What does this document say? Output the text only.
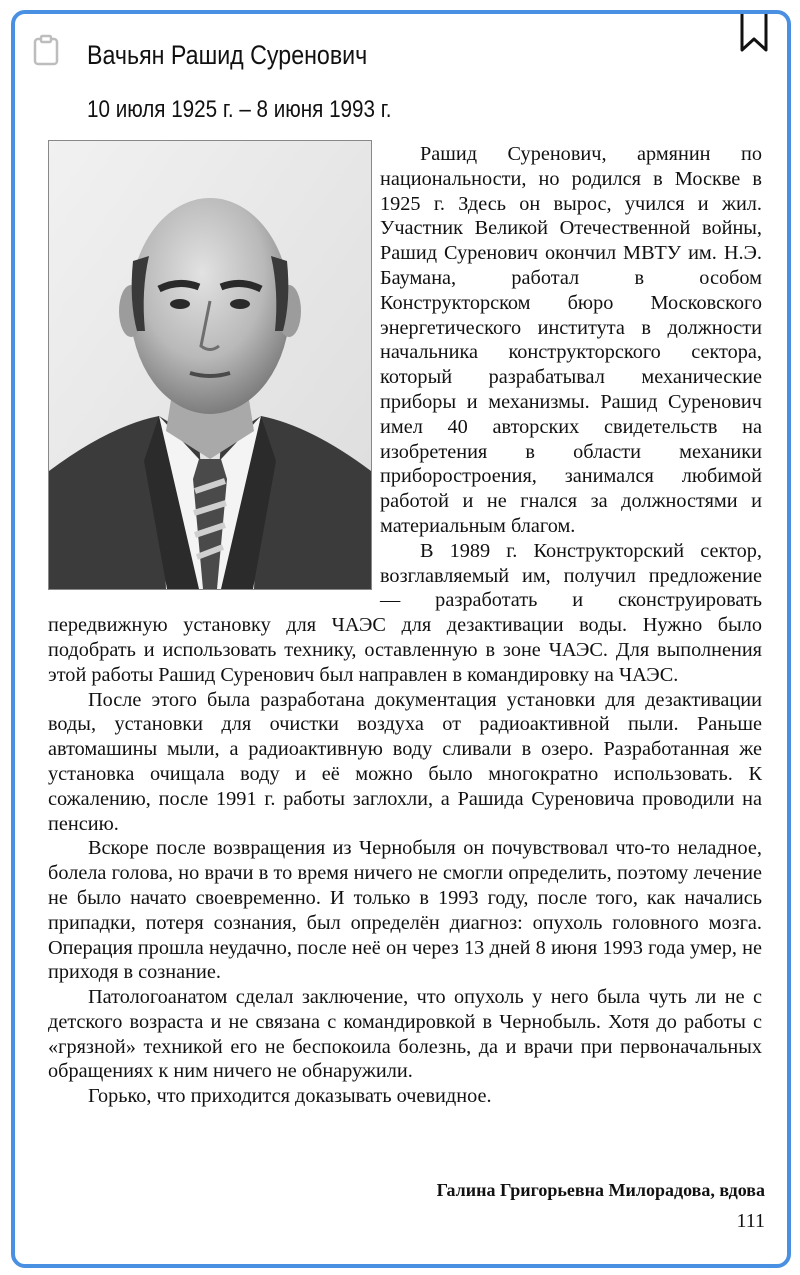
Вачьян Рашид Суренович
10 июля 1925 г. – 8 июня 1993 г.

Рашид Суренович, армянин по национальности, но родился в Москве в 1925 г. Здесь он вырос, учился и жил. Участник Великой Отечественной войны, Рашид Суренович окончил МВТУ им. Н.Э. Баумана, работал в особом Конструкторском бюро Московского энергетического института в должности начальника конструкторского сектора, который разрабатывал механические приборы и механизмы. Рашид Суренович имел 40 авторских свидетельств на изобретения в области механики приборостроения, занимался любимой работой и не гнался за должностями и материальным благом.

В 1989 г. Конструкторский сектор, возглавляемый им, получил предложение — разработать и сконструировать передвижную установку для ЧАЭС для дезактивации воды. Нужно было подобрать и использовать технику, оставленную в зоне ЧАЭС. Для выполнения этой работы Рашид Суренович был направлен в командировку на ЧАЭС.

После этого была разработана документация установки для дезактивации воды, установки для очистки воздуха от радиоактивной пыли. Раньше автомашины мыли, а радиоактивную воду сливали в озеро. Разработанная же установка очищала воду и её можно было многократно использовать. К сожалению, после 1991 г. работы заглохли, а Рашида Суреновича проводили на пенсию.

Вскоре после возвращения из Чернобыля он почувствовал что-то неладное, болела голова, но врачи в то время ничего не смогли определить, поэтому лечение не было начато своевременно. И только в 1993 году, после того, как начались припадки, потеря сознания, был определён диагноз: опухоль головного мозга. Операция прошла неудачно, после неё он через 13 дней 8 июня 1993 года умер, не приходя в сознание.

Патологоанатом сделал заключение, что опухоль у него была чуть ли не с детского возраста и не связана с командировкой в Чернобыль. Хотя до работы с «грязной» техникой его не беспокоила болезнь, да и врачи при первоначальных обращениях к ним ничего не обнаружили.

Горько, что приходится доказывать очевидное.

Галина Григорьевна Милорадова, вдова
111
